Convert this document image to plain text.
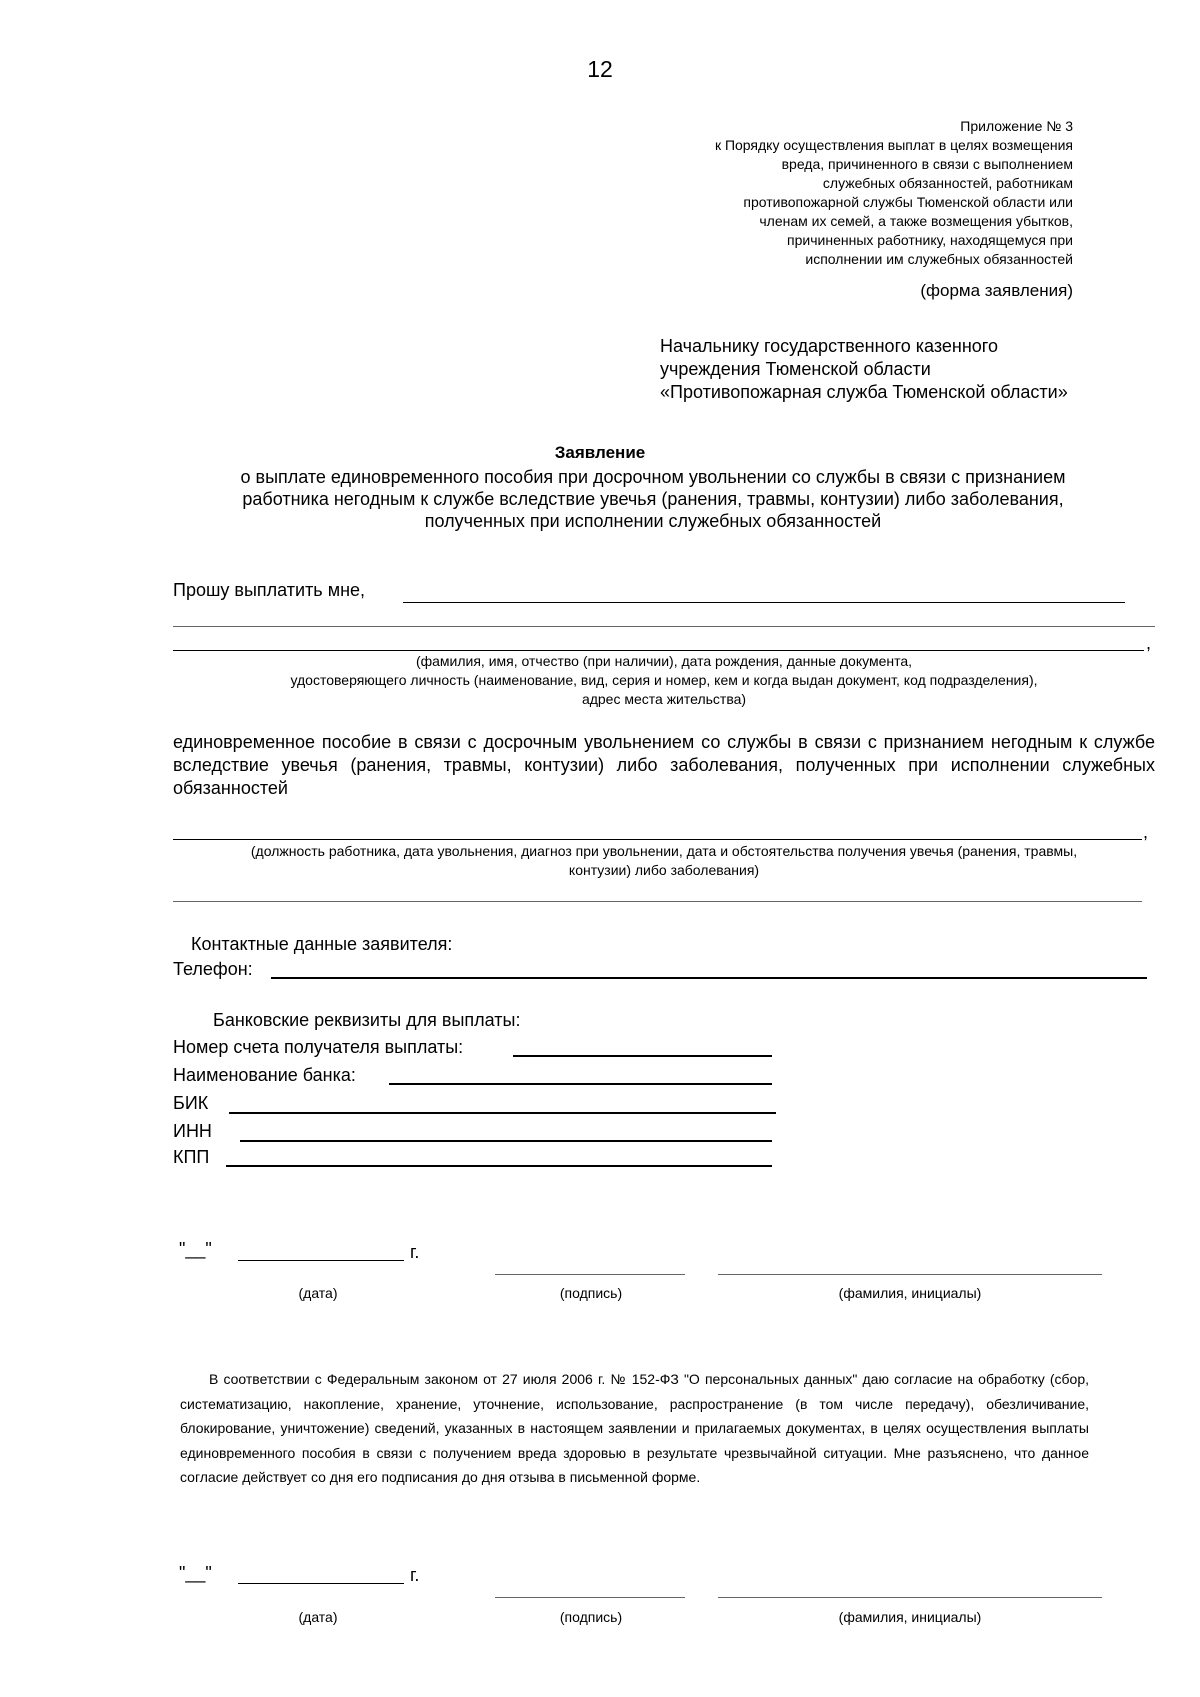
12
Приложение № 3
к Порядку осуществления выплат в целях возмещения
вреда, причиненного в связи с выполнением
служебных обязанностей, работникам
противопожарной службы Тюменской области или
членам их семей, а также возмещения убытков,
причиненных работнику, находящемуся при
исполнении им служебных обязанностей
(форма заявления)
Начальнику государственного казенного
учреждения Тюменской области
«Противопожарная служба Тюменской области»
Заявление
о выплате единовременного пособия при досрочном увольнении со службы в связи с признанием
работника негодным к службе вследствие увечья (ранения, травмы, контузии) либо заболевания,
полученных при исполнении служебных обязанностей
Прошу выплатить мне,
,
(фамилия, имя, отчество (при наличии), дата рождения, данные документа,
удостоверяющего личность (наименование, вид, серия и номер, кем и когда выдан документ, код подразделения),
адрес места жительства)
единовременное пособие в связи с досрочным увольнением со службы в связи с признанием негодным к службе вследствие увечья (ранения, травмы, контузии) либо заболевания, полученных при исполнении служебных обязанностей
,
(должность работника, дата увольнения, диагноз при увольнении, дата и обстоятельства получения увечья (ранения, травмы,
контузии) либо заболевания)
Контактные данные заявителя:
Телефон:
Банковские реквизиты для выплаты:
Номер счета получателя выплаты:
Наименование банка:
БИК
ИНН
КПП
"__"	г.
(дата)	(подпись)	(фамилия, инициалы)
В соответствии с Федеральным законом от 27 июля 2006 г. № 152-ФЗ "О персональных данных" даю согласие на обработку (сбор, систематизацию, накопление, хранение, уточнение, использование, распространение (в том числе передачу), обезличивание, блокирование, уничтожение) сведений, указанных в настоящем заявлении и прилагаемых документах, в целях осуществления выплаты единовременного пособия в связи с получением вреда здоровью в результате чрезвычайной ситуации. Мне разъяснено, что данное согласие действует со дня его подписания до дня отзыва в письменной форме.
"__"	г.
(дата)	(подпись)	(фамилия, инициалы)
